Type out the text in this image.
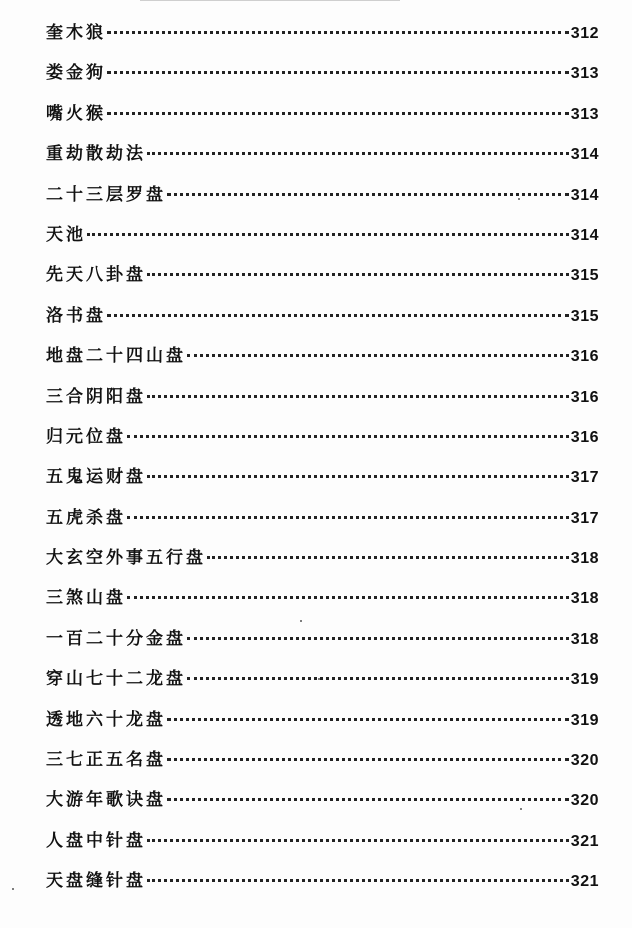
奎木狼	312
娄金狗	313
嘴火猴	313
重劫散劫法	314
二十三层罗盘	314
天池	314
先天八卦盘	315
洛书盘	315
地盘二十四山盘	316
三合阴阳盘	316
归元位盘	316
五鬼运财盘	317
五虎杀盘	317
大玄空外事五行盘	318
三煞山盘	318
一百二十分金盘	318
穿山七十二龙盘	319
透地六十龙盘	319
三七正五名盘	320
大游年歌诀盘	320
人盘中针盘	321
天盘缝针盘	321
